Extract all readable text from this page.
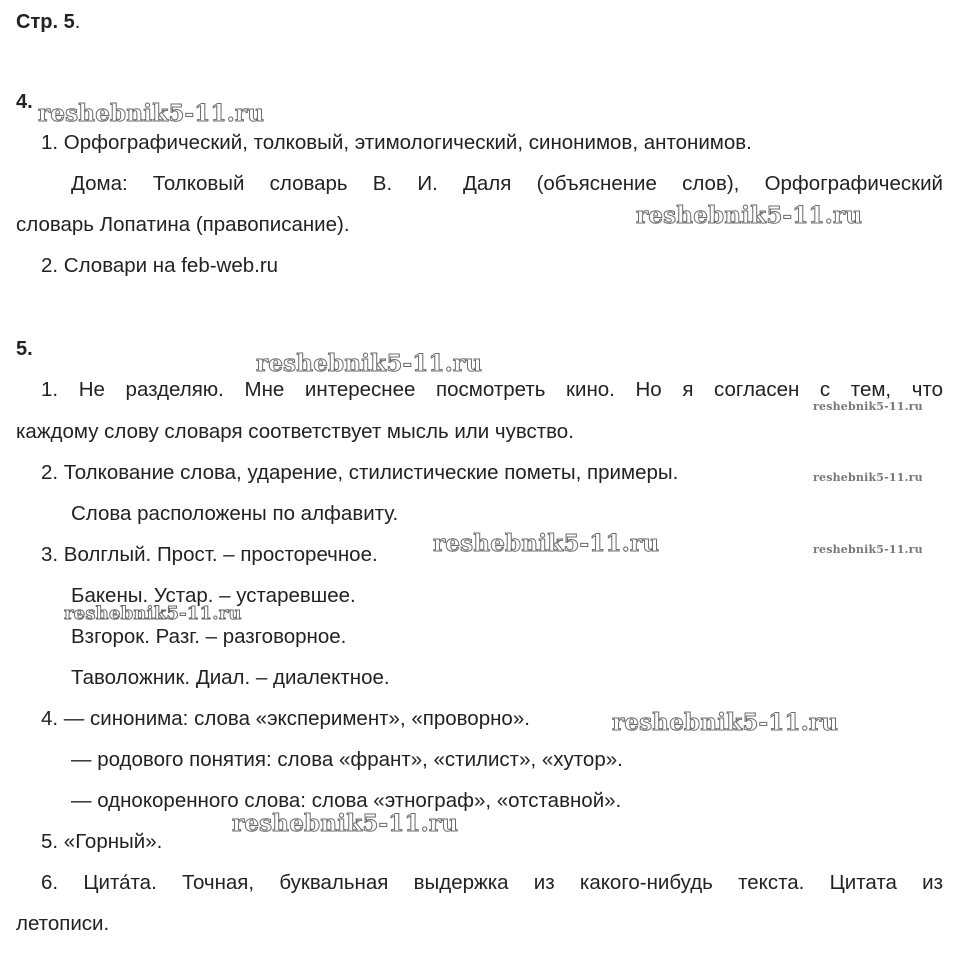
Стр. 5.
4.
1. Орфографический, толковый, этимологический, синонимов, антонимов.
Дома: Толковый словарь В. И. Даля (объяснение слов), Орфографический
словарь Лопатина (правописание).
2. Словари на feb-web.ru
5.
1. Не разделяю. Мне интереснее посмотреть кино. Но я согласен с тем, что
каждому слову словаря соответствует мысль или чувство.
2. Толкование слова, ударение, стилистические пометы, примеры.
Слова расположены по алфавиту.
3. Волглый. Прост. – просторечное.
Бакены. Устар. – устаревшее.
Взгорок. Разг. – разговорное.
Таволожник. Диал. – диалектное.
4. — синонима: слова «эксперимент», «проворно».
— родового понятия: слова «франт», «стилист», «хутор».
— однокоренного слова: слова «этнограф», «отставной».
5. «Горный».
6. Цита́та. Точная, буквальная выдержка из какого-нибудь текста. Цитата из
летописи.
reshebnik5-11.ru
reshebnik5-11.ru
reshebnik5-11.ru
reshebnik5-11.ru
reshebnik5-11.ru
reshebnik5-11.ru	reshebnik5-11.ru
reshebnik5-11.ru
reshebnik5-11.ru
reshebnik5-11.ru
